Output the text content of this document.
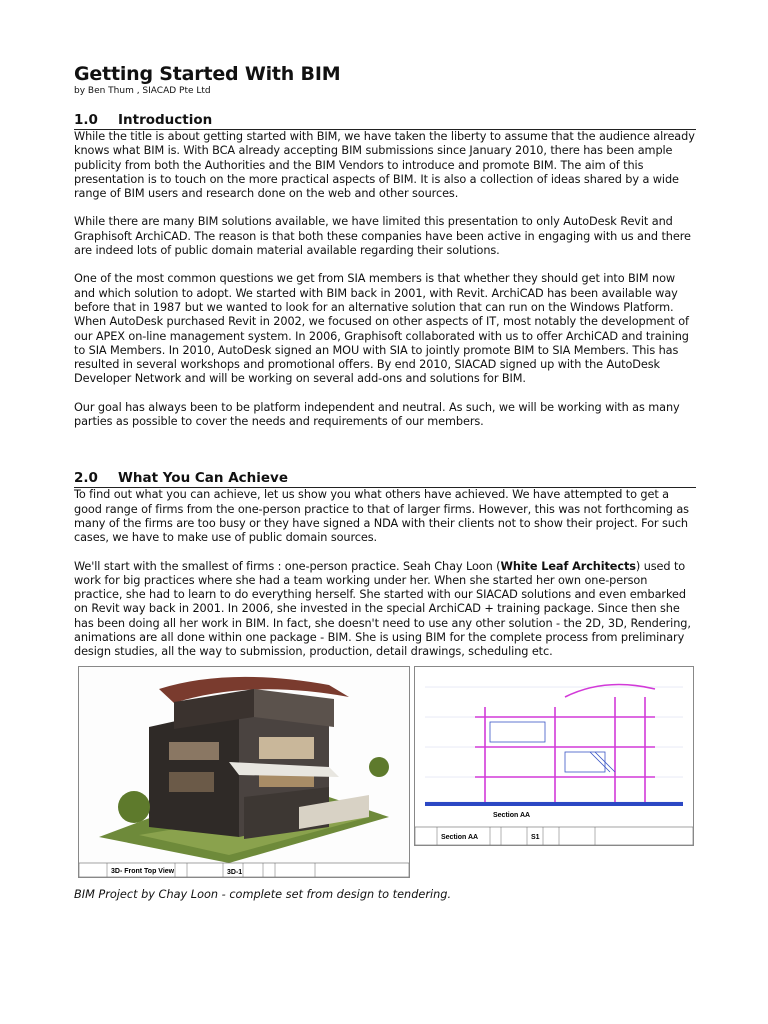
Getting Started With BIM
by Ben Thum , SIACAD Pte Ltd
1.0 Introduction

While the title is about getting started with BIM, we have taken the liberty to assume that the audience already knows what BIM is. With BCA already accepting BIM submissions since January 2010, there has been ample publicity from both the Authorities and the BIM Vendors to introduce and promote BIM. The aim of this presentation is to touch on the more practical aspects of BIM. It is also a collection of ideas shared by a wide range of BIM users and research done on the web and other sources.

While there are many BIM solutions available, we have limited this presentation to only AutoDesk Revit and Graphisoft ArchiCAD. The reason is that both these companies have been active in engaging with us and there are indeed lots of public domain material available regarding their solutions.

One of the most common questions we get from SIA members is that whether they should get into BIM now and which solution to adopt. We started with BIM back in 2001, with Revit. ArchiCAD has been available way before that in 1987 but we wanted to look for an alternative solution that can run on the Windows Platform. When AutoDesk purchased Revit in 2002, we focused on other aspects of IT, most notably the development of our APEX on-line management system. In 2006, Graphisoft collaborated with us to offer ArchiCAD and training to SIA Members. In 2010, AutoDesk signed an MOU with SIA to jointly promote BIM to SIA Members. This has resulted in several workshops and promotional offers. By end 2010, SIACAD signed up with the AutoDesk Developer Network and will be working on several add-ons and solutions for BIM.

Our goal has always been to be platform independent and neutral. As such, we will be working with as many parties as possible to cover the needs and requirements of our members.

2.0 What You Can Achieve

To find out what you can achieve, let us show you what others have achieved. We have attempted to get a good range of firms from the one-person practice to that of larger firms. However, this was not forthcoming as many of the firms are too busy or they have signed a NDA with their clients not to show their project. For such cases, we have to make use of public domain sources.

We'll start with the smallest of firms : one-person practice. Seah Chay Loon (White Leaf Architects) used to work for big practices where she had a team working under her. When she started her own one-person practice, she had to learn to do everything herself. She started with our SIACAD solutions and even embarked on Revit way back in 2001. In 2006, she invested in the special ArchiCAD + training package. Since then she has been doing all her work in BIM. In fact, she doesn't need to use any other solution - the 2D, 3D, Rendering, animations are all done within one package - BIM. She is using BIM for the complete process from preliminary design studies, all the way to submission, production, detail drawings, scheduling etc.

3D- Front Top View	3D-1
Section AA
Section AA	S1
BIM Project by Chay Loon - complete set from design to tendering.
